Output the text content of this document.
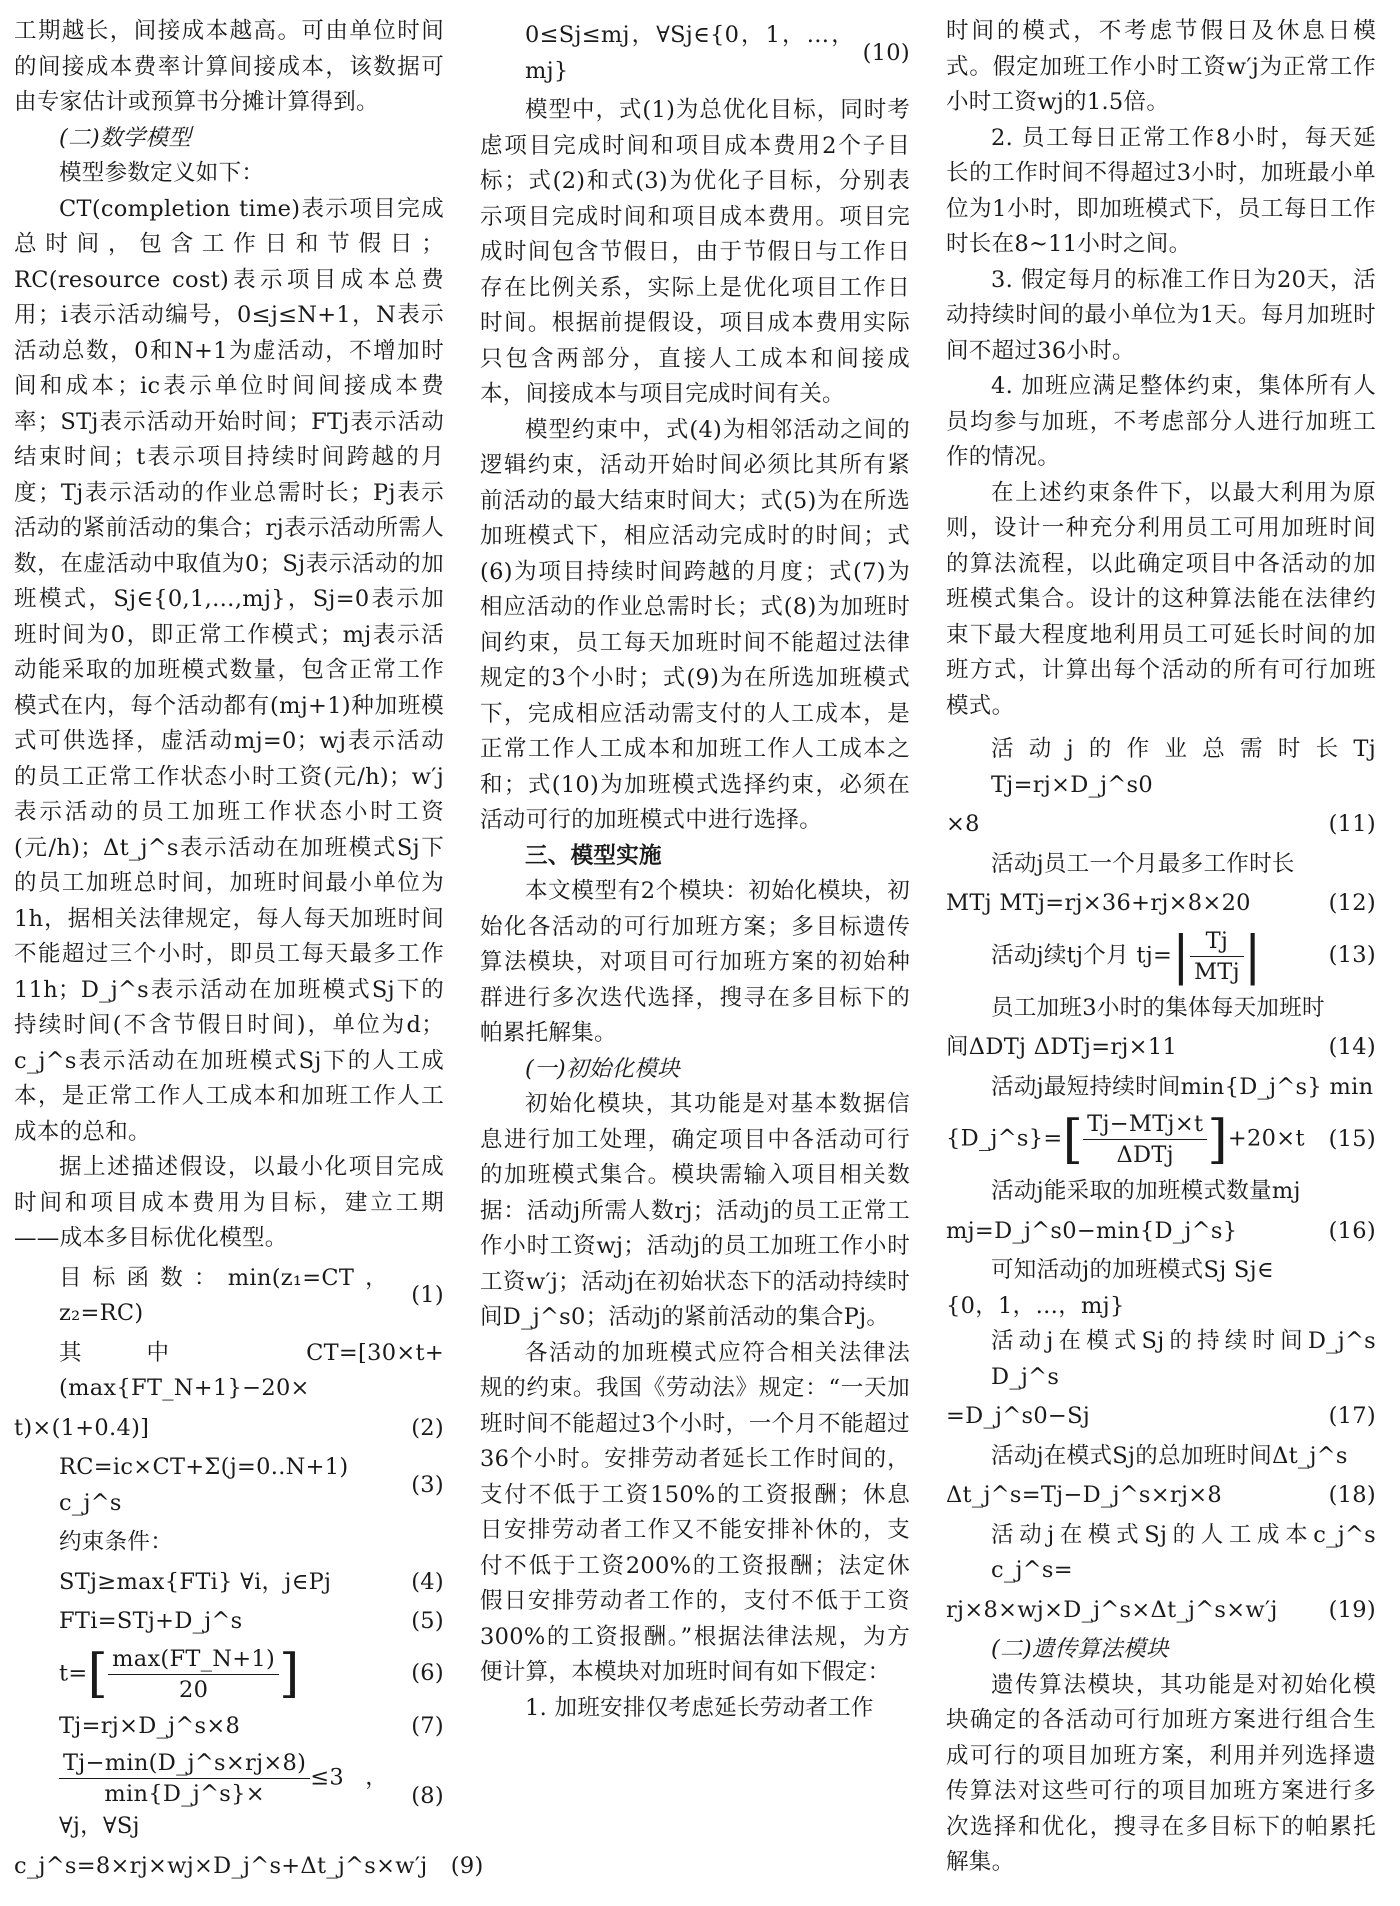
工期越长，间接成本越高。可由单位时间的间接成本费率计算间接成本，该数据可由专家估计或预算书分摊计算得到。

(二)数学模型

模型参数定义如下：

CT(completion time)表示项目完成总时间，包含工作日和节假日；RC(resource cost)表示项目成本总费用；i表示活动编号，0≤j≤N+1，N表示活动总数，0和N+1为虚活动，不增加时间和成本；ic表示单位时间间接成本费率；STj表示活动开始时间；FTj表示活动结束时间；t表示项目持续时间跨越的月度；Tj表示活动的作业总需时长；Pj表示活动的紧前活动的集合；rj表示活动所需人数，在虚活动中取值为0；Sj表示活动的加班模式，Sj∈{0,1,…,mj}，Sj=0表示加班时间为0，即正常工作模式；mj表示活动能采取的加班模式数量，包含正常工作模式在内，每个活动都有(mj+1)种加班模式可供选择，虚活动mj=0；wj表示活动的员工正常工作状态小时工资(元/h)；w′j表示活动的员工加班工作状态小时工资(元/h)；Δt_j^s表示活动在加班模式Sj下的员工加班总时间，加班时间最小单位为1h，据相关法律规定，每人每天加班时间不能超过三个小时，即员工每天最多工作11h；D_j^s表示活动在加班模式Sj下的持续时间(不含节假日时间)，单位为d；c_j^s表示活动在加班模式Sj下的人工成本，是正常工作人工成本和加班工作人工成本的总和。

据上述描述假设，以最小化项目完成时间和项目成本费用为目标，建立工期——成本多目标优化模型。

目标函数：min(z₁=CT，z₂=RC)
(1)
其中 CT=[30×t+(max{FT_N+1}−20×
t)×(1+0.4)]	(2)
RC=ic×CT+Σ(j=0..N+1) c_j^s
(3)
约束条件：
STj≥max{FTi} ∀i，j∈Pj	(4)
FTi=STj+D_j^s	(5)
$t=[ \frac{\max(FT\_N+1)}{20}$ ]	(6)
Tj=rj×D_j^s×8	(7)
$\frac{Tj-\min(D\_j\^{}s\times rj\times 8)}{\min\{D\_j\^{}s\}\times} \le 3$，∀j，∀Sj
(8)
c_j^s=8×rj×wj×D_j^s+Δt_j^s×w′j	(9)
0≤Sj≤mj，∀Sj∈{0，1，…，mj}
(10)

模型中，式(1)为总优化目标，同时考虑项目完成时间和项目成本费用2个子目标；式(2)和式(3)为优化子目标，分别表示项目完成时间和项目成本费用。项目完成时间包含节假日，由于节假日与工作日存在比例关系，实际上是优化项目工作日时间。根据前提假设，项目成本费用实际只包含两部分，直接人工成本和间接成本，间接成本与项目完成时间有关。

模型约束中，式(4)为相邻活动之间的逻辑约束，活动开始时间必须比其所有紧前活动的最大结束时间大；式(5)为在所选加班模式下，相应活动完成时的时间；式(6)为项目持续时间跨越的月度；式(7)为相应活动的作业总需时长；式(8)为加班时间约束，员工每天加班时间不能超过法律规定的3个小时；式(9)为在所选加班模式下，完成相应活动需支付的人工成本，是正常工作人工成本和加班工作人工成本之和；式(10)为加班模式选择约束，必须在活动可行的加班模式中进行选择。

三、模型实施

本文模型有2个模块：初始化模块，初始化各活动的可行加班方案；多目标遗传算法模块，对项目可行加班方案的初始种群进行多次迭代选择，搜寻在多目标下的帕累托解集。

(一)初始化模块

初始化模块，其功能是对基本数据信息进行加工处理，确定项目中各活动可行的加班模式集合。模块需输入项目相关数据：活动j所需人数rj；活动j的员工正常工作小时工资wj；活动j的员工加班工作小时工资w′j；活动j在初始状态下的活动持续时间D_j^s0；活动j的紧前活动的集合Pj。

各活动的加班模式应符合相关法律法规的约束。我国《劳动法》规定：“一天加班时间不能超过3个小时，一个月不能超过36个小时。安排劳动者延长工作时间的，支付不低于工资150%的工资报酬；休息日安排劳动者工作又不能安排补休的，支付不低于工资200%的工资报酬；法定休假日安排劳动者工作的，支付不低于工资300%的工资报酬。”根据法律法规，为方便计算，本模块对加班时间有如下假定：

1. 加班安排仅考虑延长劳动者工作

时间的模式，不考虑节假日及休息日模式。假定加班工作小时工资w′j为正常工作小时工资wj的1.5倍。

2. 员工每日正常工作8小时，每天延长的工作时间不得超过3小时，加班最小单位为1小时，即加班模式下，员工每日工作时长在8~11小时之间。

3. 假定每月的标准工作日为20天，活动持续时间的最小单位为1天。每月加班时间不超过36小时。

4. 加班应满足整体约束，集体所有人员均参与加班，不考虑部分人进行加班工作的情况。

在上述约束条件下，以最大利用为原则，设计一种充分利用员工可用加班时间的算法流程，以此确定项目中各活动的加班模式集合。设计的这种算法能在法律约束下最大程度地利用员工可延长时间的加班方式，计算出每个活动的所有可行加班模式。

活动j的作业总需时长Tj Tj=rj×D_j^s0
×8	(11)
活动j员工一个月最多工作时长
MTj MTj=rj×36+rj×8×20	(12)
活动j续tj个月 $tj=| \frac{Tj}{\text{MTj}}$ |	(13)
员工加班3小时的集体每天加班时
间ΔDTj ΔDTj=rj×11	(14)
活动j最短持续时间min{D_j^s} min
{D_j^s}=[ $\frac{\text{Tj−MTj×t}}{\text{ΔDTj}} ]+20\times t$	(15)
活动j能采取的加班模式数量mj
mj=D_j^s0−min{D_j^s}	(16)
可知活动j的加班模式Sj Sj∈
{0，1，…，mj}
活动j在模式Sj的持续时间D_j^s D_j^s
=D_j^s0−Sj	(17)
活动j在模式Sj的总加班时间Δt_j^s
Δt_j^s=Tj−D_j^s×rj×8	(18)
活动j在模式Sj的人工成本c_j^s c_j^s=
rj×8×wj×D_j^s×Δt_j^s×w′j	(19)
(二)遗传算法模块

遗传算法模块，其功能是对初始化模块确定的各活动可行加班方案进行组合生成可行的项目加班方案，利用并列选择遗传算法对这些可行的项目加班方案进行多次选择和优化，搜寻在多目标下的帕累托解集。
